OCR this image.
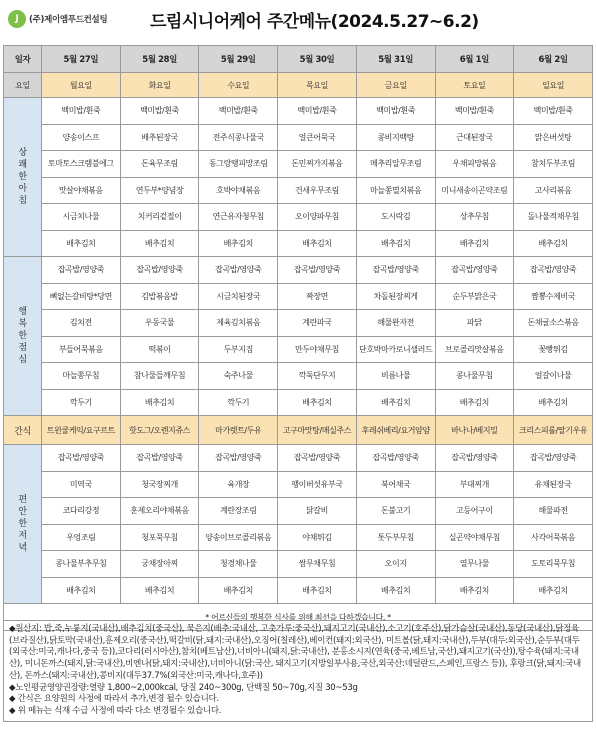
J	(주)제이엠푸드컨설팅	드림시니어케어 주간메뉴(2024.5.27~6.2)
일자	5월 27일	5월 28일	5월 29일	5월 30일	5월 31일	6월 1일	6월 2일
요일	월요일	화요일	수요일	목요일	금요일	토요일	일요일

상
쾌
한
아
침	백미밥/흰죽	백미밥/흰죽	백미밥/흰죽	백미밥/흰죽	백미밥/흰죽	백미밥/흰죽	백미밥/흰죽
	양송이스프	배추된장국	전주식콩나물국	얼큰어묵국	콩비지백탕	근대된장국	맑은버섯탕
	토마토스크램블에그	돈육무조림	동그랑땡피망조림	돈민찌가지볶음	메추리알무조림	우채피망볶음	참치두부조림
	맛살야채볶음	연두부*양념장	호박야채볶음	건새우무조림	마늘쫑멸치볶음	미니새송이곤약조림	고사리볶음
	시금치나물	치커리겉절이	연근유자청무침	오이양파무침	도시락김	상추무침	돌나물적채무침
	배추김치	배추김치	배추김치	배추김치	배추김치	배추김치	배추김치

행
복
한
점
심	잡곡밥/영양죽	잡곡밥/영양죽	잡곡밥/영양죽	잡곡밥/영양죽	잡곡밥/영양죽	잡곡밥/영양죽	잡곡밥/영양죽
	뼈없는갈비탕*당면	김밥볶음밥	시금치된장국	짜장면	차돌된장찌게	순두부맑은국	짬뽕수제비국
	김치전	우동국물	제육김치볶음	계란파국	해물완자전	파닭	돈채굴소스볶음
	부들어묵볶음	떡볶이	두부지짐	만두야채무침	단호박마카로니샐러드	브로콜리맛살볶음	꽃빵튀김
	마늘쫑무침	참나물들깨무침	숙주나물	깍둑단무지	비름나물	콩나물무침	얼갈이나물
	깍두기	배추김치	깍두기	배추김치	배추김치	배추김치	배추김치
간식	트윈쿨케익/요구르트	핫도그/오렌지쥬스	마가렛트/두유	고구마맛탕/매실주스	후레쉬베리/요거얌얌	바나나/베지밀	크리스피롤/딸기우유

편
안
한
저
녁	잡곡밥/영양죽	잡곡밥/영양죽	잡곡밥/영양죽	잡곡밥/영양죽	잡곡밥/영양죽	잡곡밥/영양죽	잡곡밥/영양죽
	미역국	청국장찌개	육개장	팽이버섯유부국	북어채국	부대찌개	유채된장국
	코다리강정	훈제오리야채볶음	계란장조림	닭갈비	돈불고기	고등어구이	해물파전
	우엉조림	청포묵무침	양송이브로콜리볶음	야채튀김	톳두부무침	실곤약야채무침	사각어묵볶음
	콩나물부추무침	궁채장아찌	청경채나물	쌈무채무침	오이지	열무나물	도토리묵무침
	배추김치	배추김치	배추김치	배추김치	배추김치	배추김치	배추김치
* 어르신들의 행복한 식사를 위해 최선을 다하겠습니다. *							

◆원산지: 밥,죽,누룽지(국내산),배추김치(중국산), 묵은지(배추:국내산, 고춧가루:중국산),돼지고기(국내산),소고기(호주산),닭가슴살(국내산),동당(국내산),닭정육(브라질산),닭토막(국내산),훈제오리(중국산),떡갈비(닭,돼지:국내산),오징어(칠레산),베이컨(돼지:외국산), 미트볼(닭,돼지:국내산),두부(대두:외국산),순두부(대두(외국산:미국,캐나다,중국 등)),코다리(러시아산),참치(베트남산),너비아니(돼지,닭:국내산), 분홍소시지(연육(중국,베트남,국산),돼지고기(국산)),탕수육(돼지:국내산), 미니돈까스(돼지,닭:국내산),비엔나(닭,돼지:국내산),너비아니(닭:국산, 돼지고기(지방일부사용,국산,외국산:네덜란드,스페인,프랑스 등)), 후랑크(닭,돼지:국내산), 돈까스(돼지:국내산),콩비지(대두37.7%(외국산:미국,캐나다,호주))

◆노인평균영양권장량:열량 1,800~2,000kcal, 당질 240~300g, 단백질 50~70g,지질 30~53g

◆ 간식은 요양원의 사정에 따라서 추가,변경 될수 있습니다.

◆ 위 메뉴는 식재 수급 사정에 따라 다소 변경될수 있습니다.
